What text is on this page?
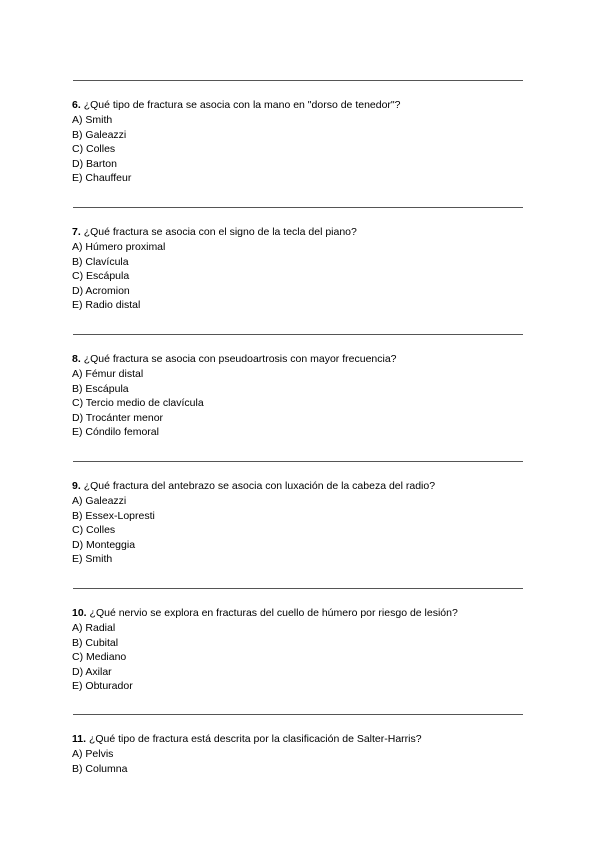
6. ¿Qué tipo de fractura se asocia con la mano en "dorso de tenedor"?
A) Smith
B) Galeazzi
C) Colles
D) Barton
E) Chauffeur
7. ¿Qué fractura se asocia con el signo de la tecla del piano?
A) Húmero proximal
B) Clavícula
C) Escápula
D) Acromion
E) Radio distal
8. ¿Qué fractura se asocia con pseudoartrosis con mayor frecuencia?
A) Fémur distal
B) Escápula
C) Tercio medio de clavícula
D) Trocánter menor
E) Cóndilo femoral
9. ¿Qué fractura del antebrazo se asocia con luxación de la cabeza del radio?
A) Galeazzi
B) Essex-Lopresti
C) Colles
D) Monteggia
E) Smith
10. ¿Qué nervio se explora en fracturas del cuello de húmero por riesgo de lesión?
A) Radial
B) Cubital
C) Mediano
D) Axilar
E) Obturador
11. ¿Qué tipo de fractura está descrita por la clasificación de Salter-Harris?
A) Pelvis
B) Columna
